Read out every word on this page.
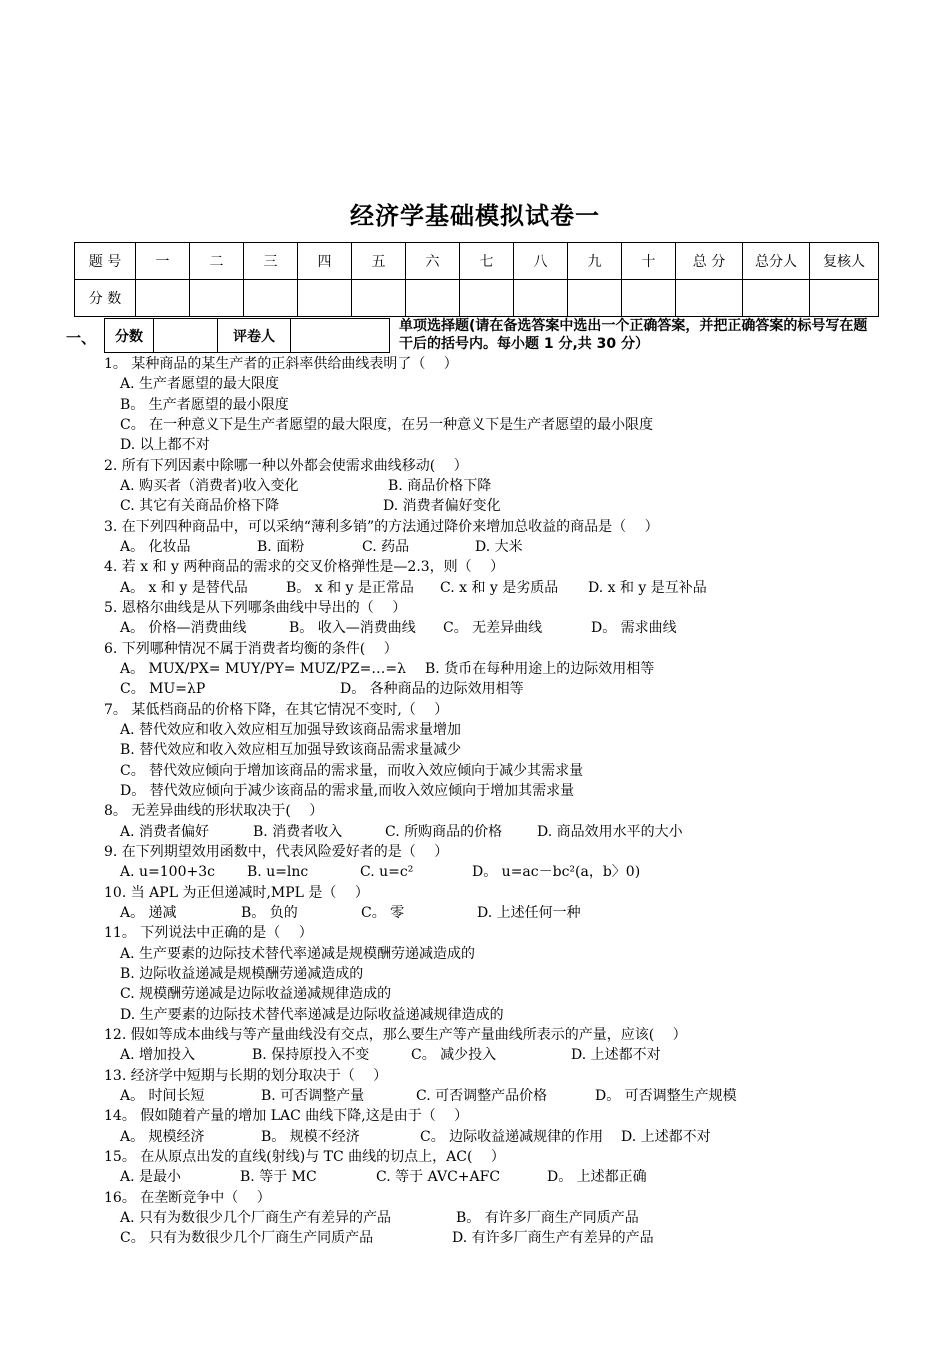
经济学基础模拟试卷一
题 号	一	二	三	四	五	六	七	八	九	十	总 分	总分人	复核人
分 数													
一、 分数		评卷人	
单项选择题(请在备选答案中选出一个正确答案，并把正确答案的标号写在题干后的括号内。每小题 1 分,共 30 分）
1。 某种商品的某生产者的正斜率供给曲线表明了（　 ）
A. 生产者愿望的最大限度
B。 生产者愿望的最小限度
C。 在一种意义下是生产者愿望的最大限度，在另一种意义下是生产者愿望的最小限度
D. 以上都不对
2. 所有下列因素中除哪一种以外都会使需求曲线移动(　 ）
A. 购买者（消费者)收入变化	B. 商品价格下降
C. 其它有关商品价格下降	D. 消费者偏好变化
3. 在下列四种商品中，可以采纳“薄利多销”的方法通过降价来增加总收益的商品是（　 ）
A。 化妆品	B. 面粉	C. 药品	D. 大米
4. 若 x 和 y 两种商品的需求的交叉价格弹性是—2.3，则（　 ）
A。 x 和 y 是替代品	B。 x 和 y 是正常品 C. x 和 y 是劣质品 D. x 和 y 是互补品
5. 恩格尔曲线是从下列哪条曲线中导出的（　 ）
A。 价格—消费曲线	B。 收入—消费曲线 C。 无差异曲线	D。 需求曲线
6. 下列哪种情况不属于消费者均衡的条件(　 ）
A。 MUX/PX= MUY/PY= MUZ/PZ=…=λ B. 货币在每种用途上的边际效用相等
C。 MU=λP	D。 各种商品的边际效用相等
7。 某低档商品的价格下降，在其它情况不变时,（　 ）
A. 替代效应和收入效应相互加强导致该商品需求量增加
B. 替代效应和收入效应相互加强导致该商品需求量减少
C。 替代效应倾向于增加该商品的需求量，而收入效应倾向于减少其需求量
D。 替代效应倾向于减少该商品的需求量,而收入效应倾向于增加其需求量
8。 无差异曲线的形状取决于(　 ）
A. 消费者偏好	B. 消费者收入	C. 所购商品的价格 D. 商品效用水平的大小
9. 在下列期望效用函数中，代表风险爱好者的是（　 ）
A. u=100+3c B. u=lnc	C. u=c²	D。 u=ac－bc²(a，b〉0)
10. 当 APL 为正但递减时,MPL 是（　 ）
A。 递减	B。 负的	C。 零	D. 上述任何一种
11。 下列说法中正确的是（　 ）
A. 生产要素的边际技术替代率递减是规模酬劳递减造成的
B. 边际收益递减是规模酬劳递减造成的
C. 规模酬劳递减是边际收益递减规律造成的
D. 生产要素的边际技术替代率递减是边际收益递减规律造成的
12. 假如等成本曲线与等产量曲线没有交点，那么要生产等产量曲线所表示的产量，应该(　 ）
A. 增加投入	B. 保持原投入不变	C。 减少投入	D. 上述都不对
13. 经济学中短期与长期的划分取决于（　 ）
A。 时间长短	B. 可否调整产量	C. 可否调整产品价格	D。 可否调整生产规模
14。 假如随着产量的增加 LAC 曲线下降,这是由于（　 ）
A。 规模经济	B。 规模不经济	C。 边际收益递减规律的作用 D. 上述都不对
15。 在从原点出发的直线(射线)与 TC 曲线的切点上，AC(　 ）
A. 是最小	B. 等于 MC	C. 等于 AVC+AFC	D。 上述都正确
16。 在垄断竞争中（　 ）
A. 只有为数很少几个厂商生产有差异的产品	B。 有许多厂商生产同质产品
C。 只有为数很少几个厂商生产同质产品	D. 有许多厂商生产有差异的产品
